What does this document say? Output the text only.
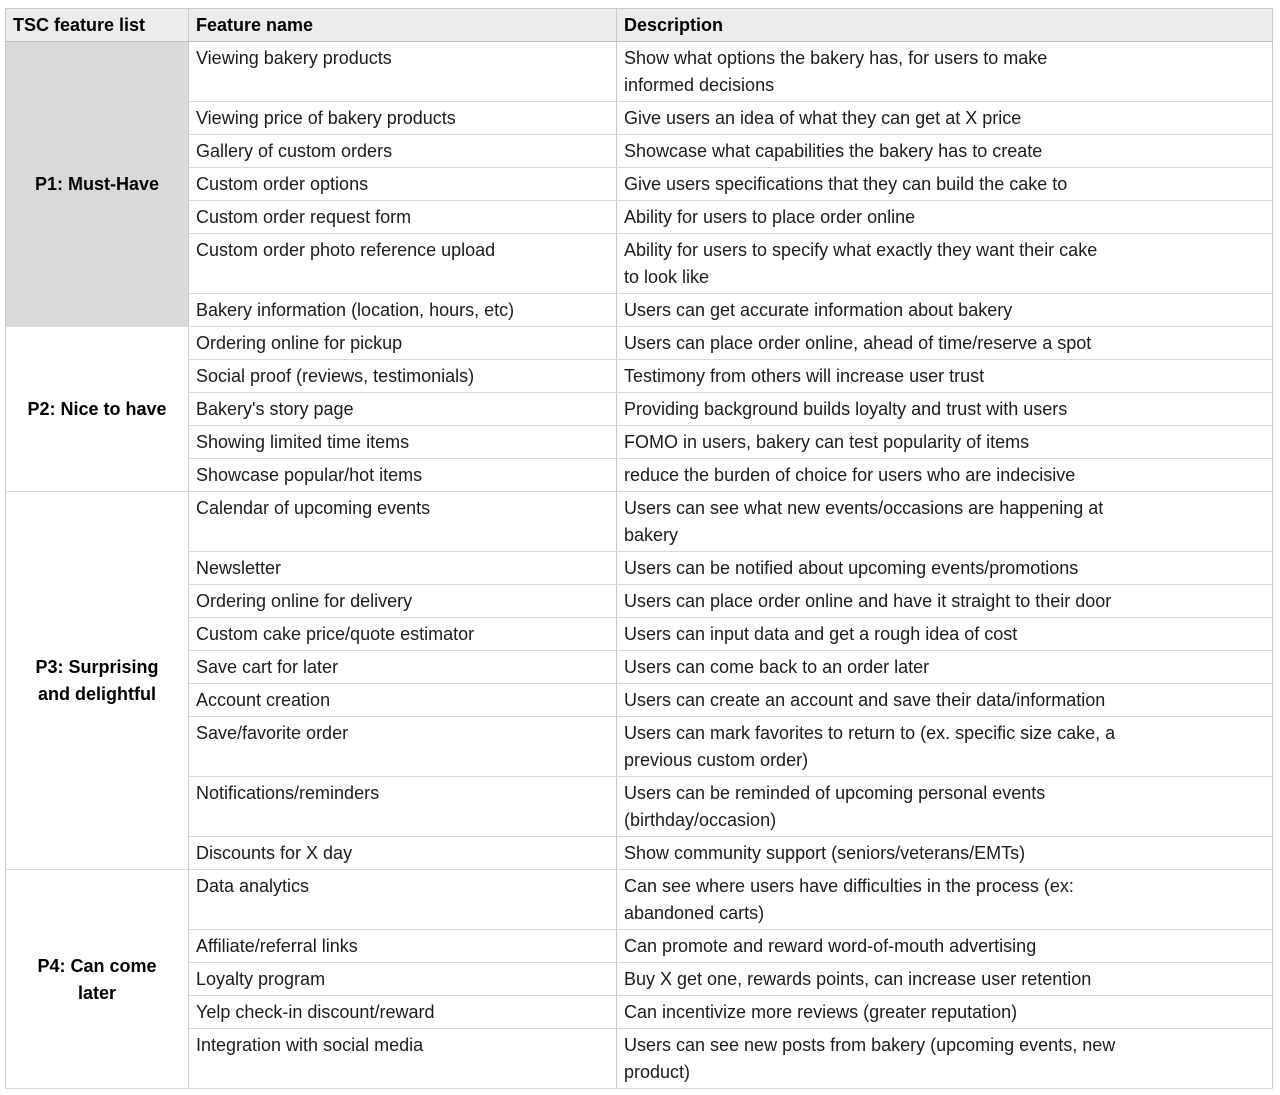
TSC feature list	Feature name	Description
P1: Must-Have	Viewing bakery products	Show what options the bakery has, for users to make
informed decisions
	Viewing price of bakery products	Give users an idea of what they can get at X price
	Gallery of custom orders	Showcase what capabilities the bakery has to create
	Custom order options	Give users specifications that they can build the cake to
	Custom order request form	Ability for users to place order online
	Custom order photo reference upload	Ability for users to specify what exactly they want their cake
to look like
	Bakery information (location, hours, etc)	Users can get accurate information about bakery
P2: Nice to have	Ordering online for pickup	Users can place order online, ahead of time/reserve a spot
	Social proof (reviews, testimonials)	Testimony from others will increase user trust
	Bakery's story page	Providing background builds loyalty and trust with users
	Showing limited time items	FOMO in users, bakery can test popularity of items
	Showcase popular/hot items	reduce the burden of choice for users who are indecisive
P3: Surprising
and delightful	Calendar of upcoming events	Users can see what new events/occasions are happening at
bakery
	Newsletter	Users can be notified about upcoming events/promotions
	Ordering online for delivery	Users can place order online and have it straight to their door
	Custom cake price/quote estimator	Users can input data and get a rough idea of cost
	Save cart for later	Users can come back to an order later
	Account creation	Users can create an account and save their data/information
	Save/favorite order	Users can mark favorites to return to (ex. specific size cake, a
previous custom order)
	Notifications/reminders	Users can be reminded of upcoming personal events
(birthday/occasion)
	Discounts for X day	Show community support (seniors/veterans/EMTs)
P4: Can come
later	Data analytics	Can see where users have difficulties in the process (ex:
abandoned carts)
	Affiliate/referral links	Can promote and reward word-of-mouth advertising
	Loyalty program	Buy X get one, rewards points, can increase user retention
	Yelp check-in discount/reward	Can incentivize more reviews (greater reputation)
	Integration with social media	Users can see new posts from bakery (upcoming events, new
product)
